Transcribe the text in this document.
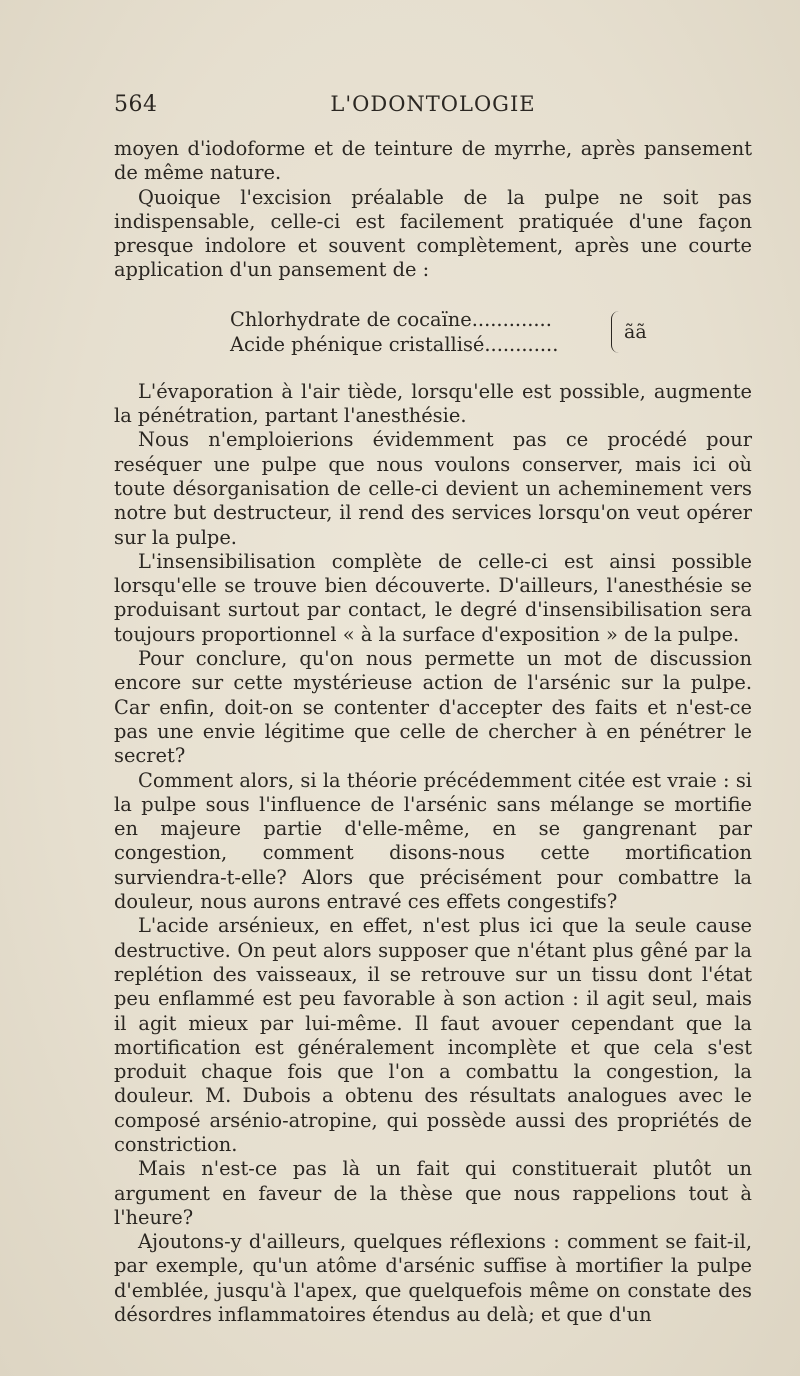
564	L'ODONTOLOGIE

moyen d'iodoforme et de teinture de myrrhe, après pansement de même nature.

Quoique l'excision préalable de la pulpe ne soit pas indispensable, celle-ci est facilement pratiquée d'une façon presque indolore et souvent complètement, après une courte application d'un pansement de :

Chlorhydrate de cocaïne.............
Acide phénique cristallisé............
ãã

L'évaporation à l'air tiède, lorsqu'elle est possible, augmente la pénétration, partant l'anesthésie.

Nous n'emploierions évidemment pas ce procédé pour reséquer une pulpe que nous voulons conserver, mais ici où toute désorganisation de celle-ci devient un acheminement vers notre but destructeur, il rend des services lorsqu'on veut opérer sur la pulpe.

L'insensibilisation complète de celle-ci est ainsi possible lorsqu'elle se trouve bien découverte. D'ailleurs, l'anesthésie se produisant surtout par contact, le degré d'insensibilisation sera toujours proportionnel « à la surface d'exposition » de la pulpe.

Pour conclure, qu'on nous permette un mot de discussion encore sur cette mystérieuse action de l'arsénic sur la pulpe. Car enfin, doit-on se contenter d'accepter des faits et n'est-ce pas une envie légitime que celle de chercher à en pénétrer le secret?

Comment alors, si la théorie précédemment citée est vraie : si la pulpe sous l'influence de l'arsénic sans mélange se mortifie en majeure partie d'elle-même, en se gangrenant par congestion, comment disons-nous cette mortification surviendra-t-elle? Alors que précisément pour combattre la douleur, nous aurons entravé ces effets congestifs?

L'acide arsénieux, en effet, n'est plus ici que la seule cause destructive. On peut alors supposer que n'étant plus gêné par la replétion des vaisseaux, il se retrouve sur un tissu dont l'état peu enflammé est peu favorable à son action : il agit seul, mais il agit mieux par lui-même. Il faut avouer cependant que la mortification est généralement incomplète et que cela s'est produit chaque fois que l'on a combattu la congestion, la douleur. M. Dubois a obtenu des résultats analogues avec le composé arsénio-atropine, qui possède aussi des propriétés de constriction.

Mais n'est-ce pas là un fait qui constituerait plutôt un argument en faveur de la thèse que nous rappelions tout à l'heure?

Ajoutons-y d'ailleurs, quelques réflexions : comment se fait-il, par exemple, qu'un atôme d'arsénic suffise à mortifier la pulpe d'emblée, jusqu'à l'apex, que quelquefois même on constate des désordres inflammatoires étendus au delà; et que d'un
